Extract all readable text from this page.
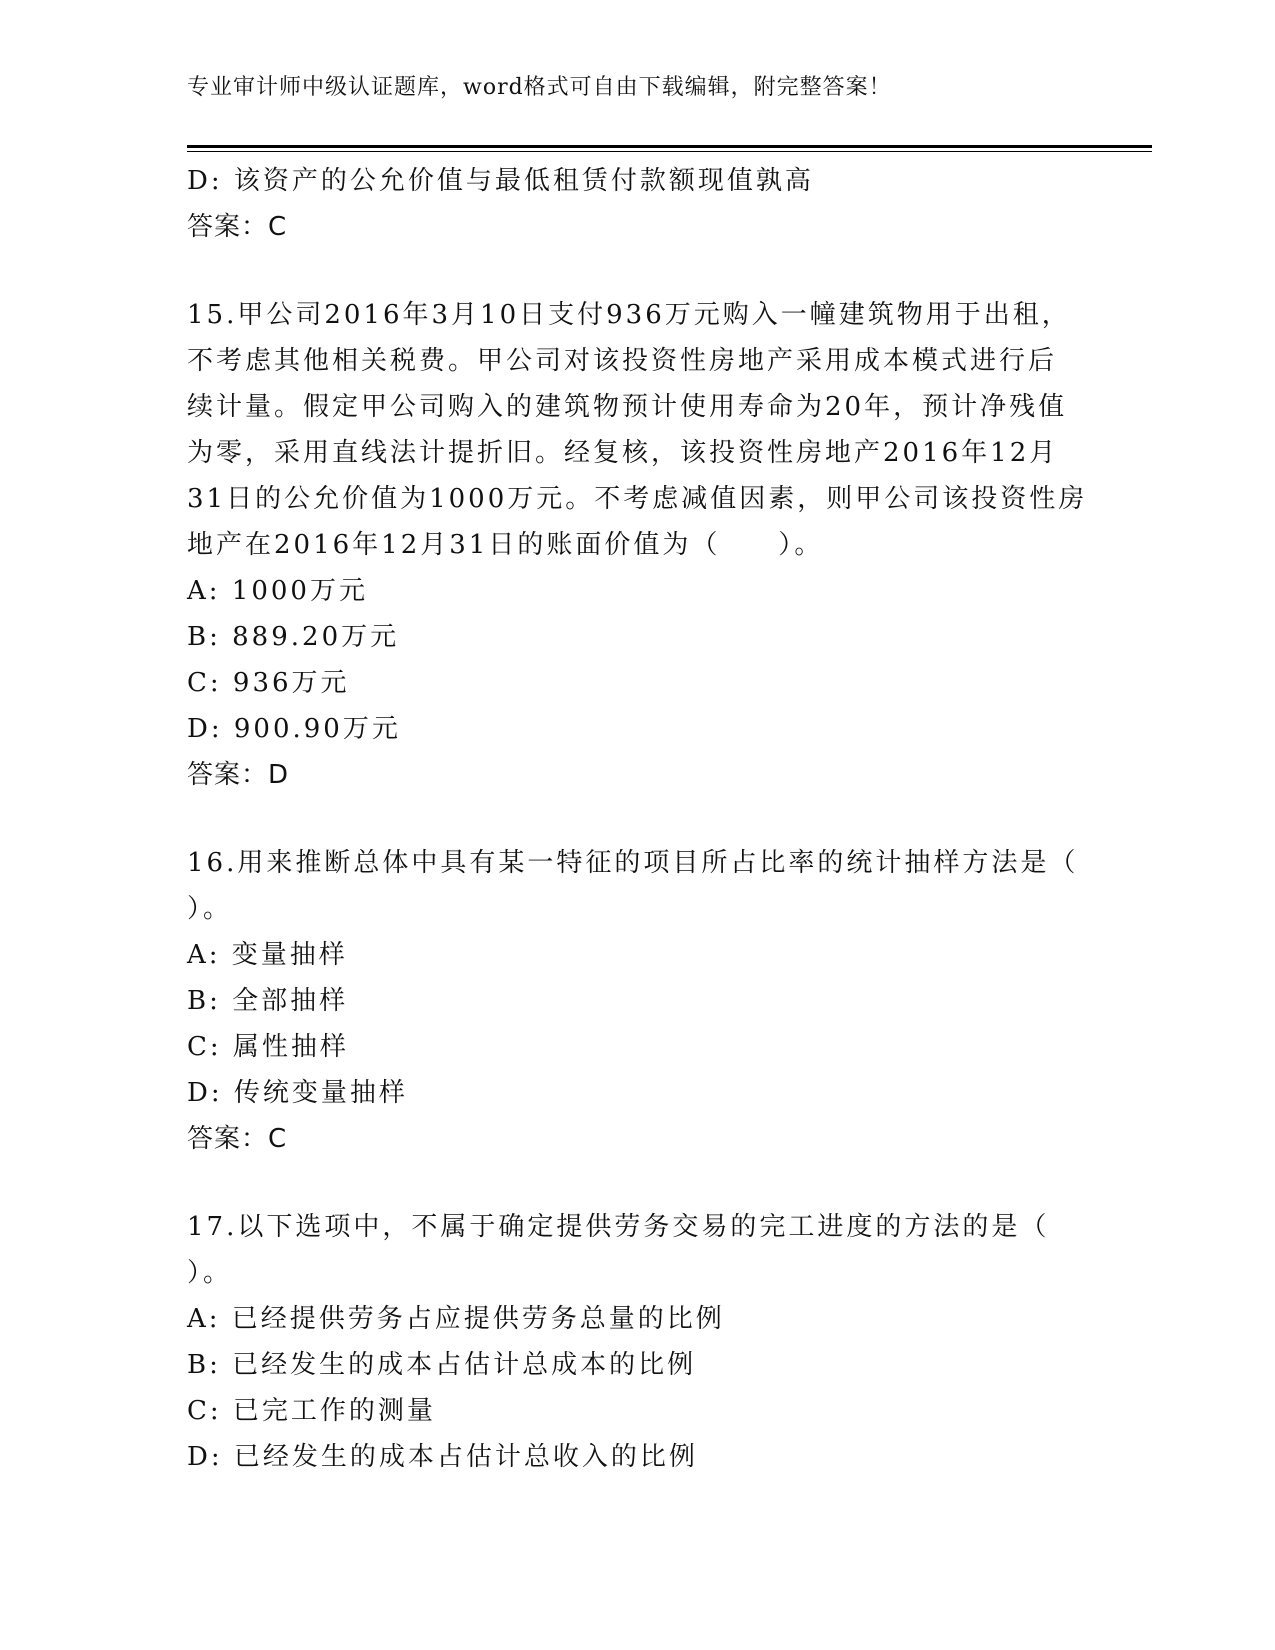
专业审计师中级认证题库，word格式可自由下载编辑，附完整答案！
D: 该资产的公允价值与最低租赁付款额现值孰高
答案：C
15.甲公司2016年3月10日支付936万元购入一幢建筑物用于出租，
不考虑其他相关税费。甲公司对该投资性房地产采用成本模式进行后
续计量。假定甲公司购入的建筑物预计使用寿命为20年，预计净残值
为零，采用直线法计提折旧。经复核，该投资性房地产2016年12月
31日的公允价值为1000万元。不考虑减值因素，则甲公司该投资性房
地产在2016年12月31日的账面价值为（　　）。
A: 1000万元
B: 889.20万元
C: 936万元
D: 900.90万元
答案：D
16.用来推断总体中具有某一特征的项目所占比率的统计抽样方法是（
）。
A: 变量抽样
B: 全部抽样
C: 属性抽样
D: 传统变量抽样
答案：C
17.以下选项中，不属于确定提供劳务交易的完工进度的方法的是（
）。
A: 已经提供劳务占应提供劳务总量的比例
B: 已经发生的成本占估计总成本的比例
C: 已完工作的测量
D: 已经发生的成本占估计总收入的比例
